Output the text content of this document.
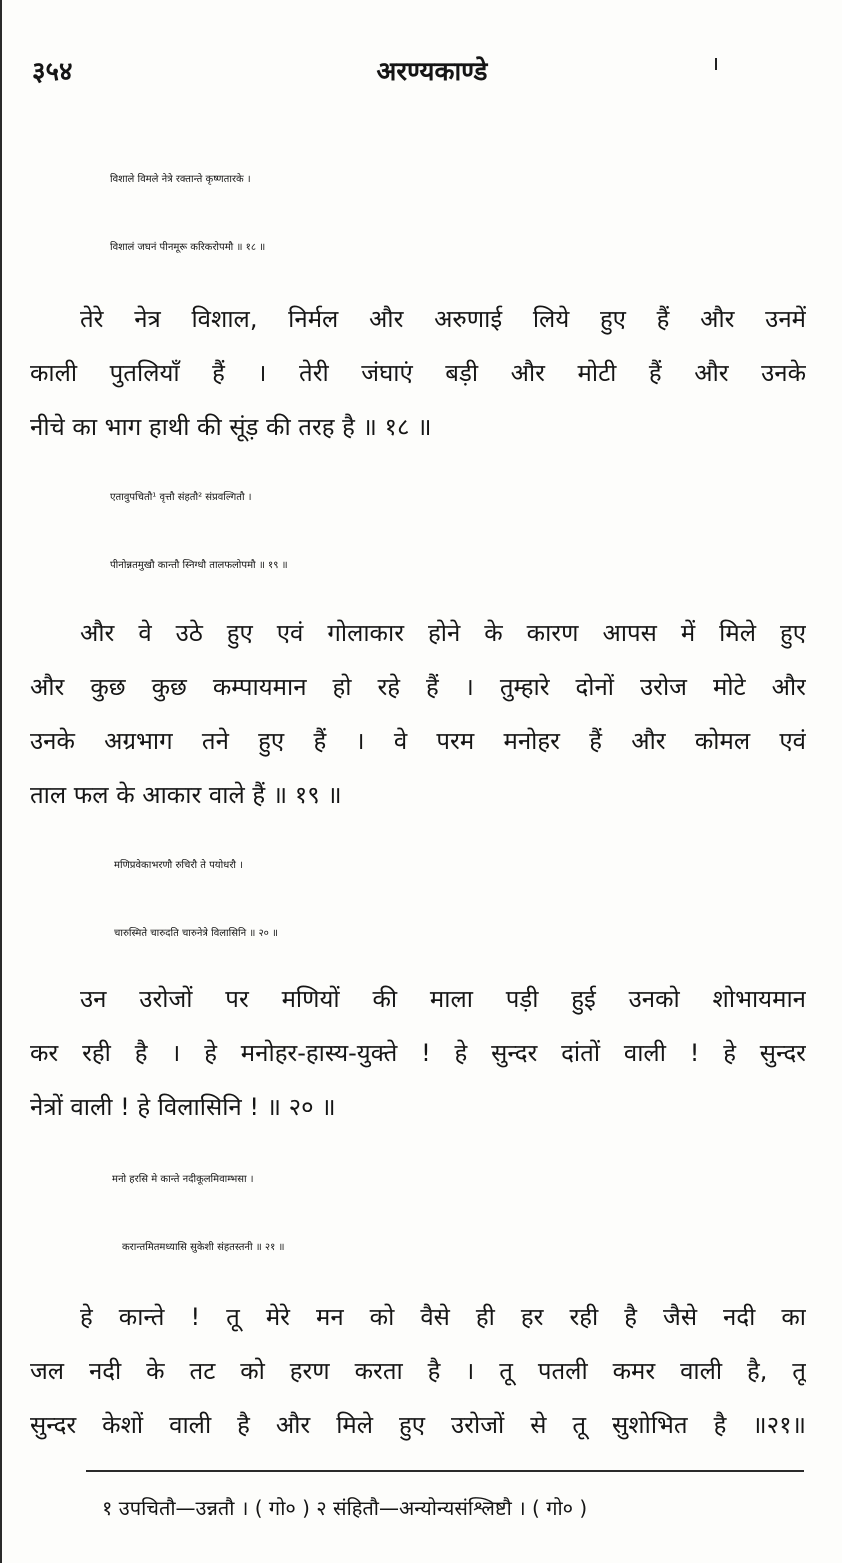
३५४	अरण्यकाण्डे
विशाले विमले नेत्रे रक्तान्ते कृष्णतारके ।
विशालं जघनं पीनमूरू करिकरोपमौ ॥ १८ ॥
तेरे नेत्र विशाल, निर्मल और अरुणाई लिये हुए हैं और उनमें
काली पुतलियाँ हैं । तेरी जंघाएं बड़ी और मोटी हैं और उनके
नीचे का भाग हाथी की सूंड़ की तरह है ॥ १८ ॥
एतावुपचितौ¹ वृत्तौ संहतौ² संप्रवल्गितौ ।
पीनोन्नतमुखौ कान्तौ स्निग्धौ तालफलोपमौ ॥ १९ ॥
और वे उठे हुए एवं गोलाकार होने के कारण आपस में मिले हुए
और कुछ कुछ कम्पायमान हो रहे हैं । तुम्हारे दोनों उरोज मोटे और
उनके अग्रभाग तने हुए हैं । वे परम मनोहर हैं और कोमल एवं
ताल फल के आकार वाले हैं ॥ १९ ॥
मणिप्रवेकाभरणौ रुचिरौ ते पयोधरौ ।
चारुस्मिते चारुदति चारुनेत्रे विलासिनि ॥ २० ॥
उन उरोजों पर मणियों की माला पड़ी हुई उनको शोभायमान
कर रही है । हे मनोहर-हास्य-युक्ते ! हे सुन्दर दांतों वाली ! हे सुन्दर
नेत्रों वाली ! हे विलासिनि ! ॥ २० ॥
मनो हरसि मे कान्ते नदीकूलमिवाम्भसा ।
करान्तमितमध्यासि सुकेशी संहतस्तनी ॥ २१ ॥
हे कान्ते ! तू मेरे मन को वैसे ही हर रही है जैसे नदी का
जल नदी के तट को हरण करता है । तू पतली कमर वाली है, तू
सुन्दर केशों वाली है और मिले हुए उरोजों से तू सुशोभित है ॥२१॥
१ उपचितौ—उन्नतौ । ( गो० ) २ संहितौ—अन्योन्यसंश्लिष्टौ । ( गो० )
